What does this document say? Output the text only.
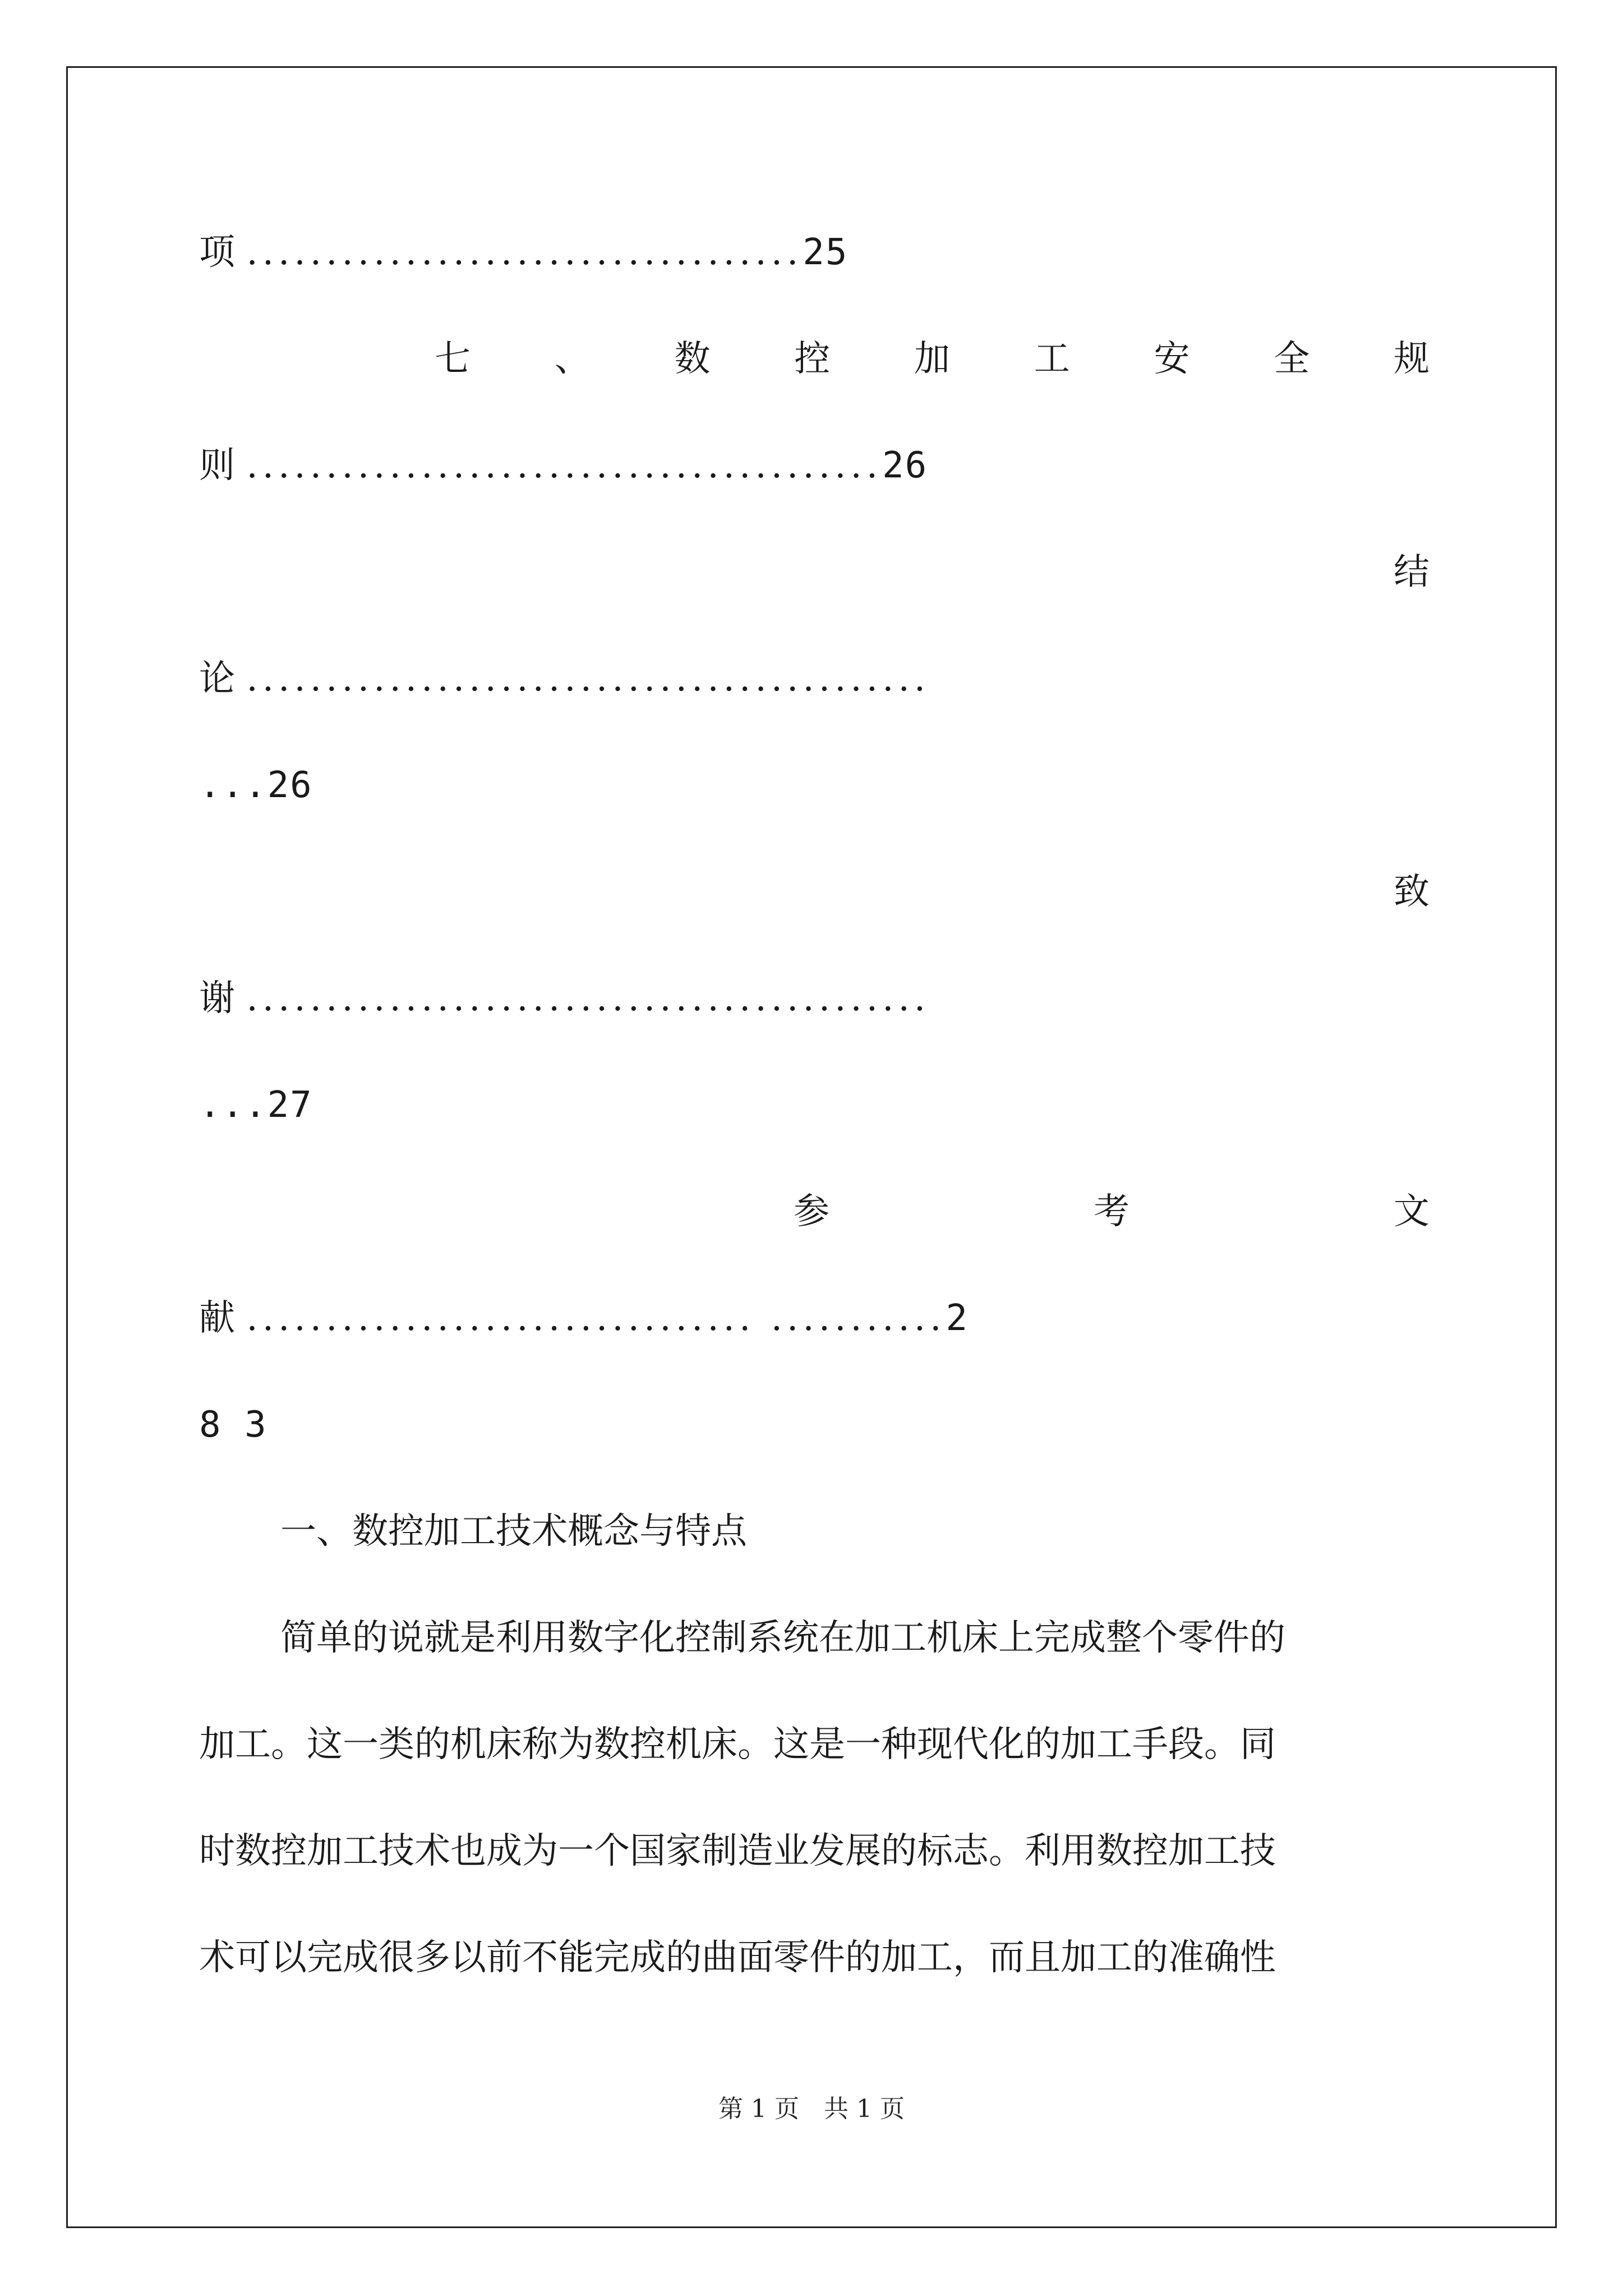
项 ...................................25
七 、 数 控 加 工 安 全 规
则 ........................................26
结
论 ...........................................
...26
致
谢 ...........................................
...27
参	考	文
献 ................................ ...........2
8 3
一、数控加工技术概念与特点
简单的说就是利用数字化控制系统在加工机床上完成整个零件的
加工。这一类的机床称为数控机床。这是一种现代化的加工手段。同
时数控加工技术也成为一个国家制造业发展的标志。利用数控加工技
术可以完成很多以前不能完成的曲面零件的加工，而且加工的准确性
第 1 页　共 1 页
